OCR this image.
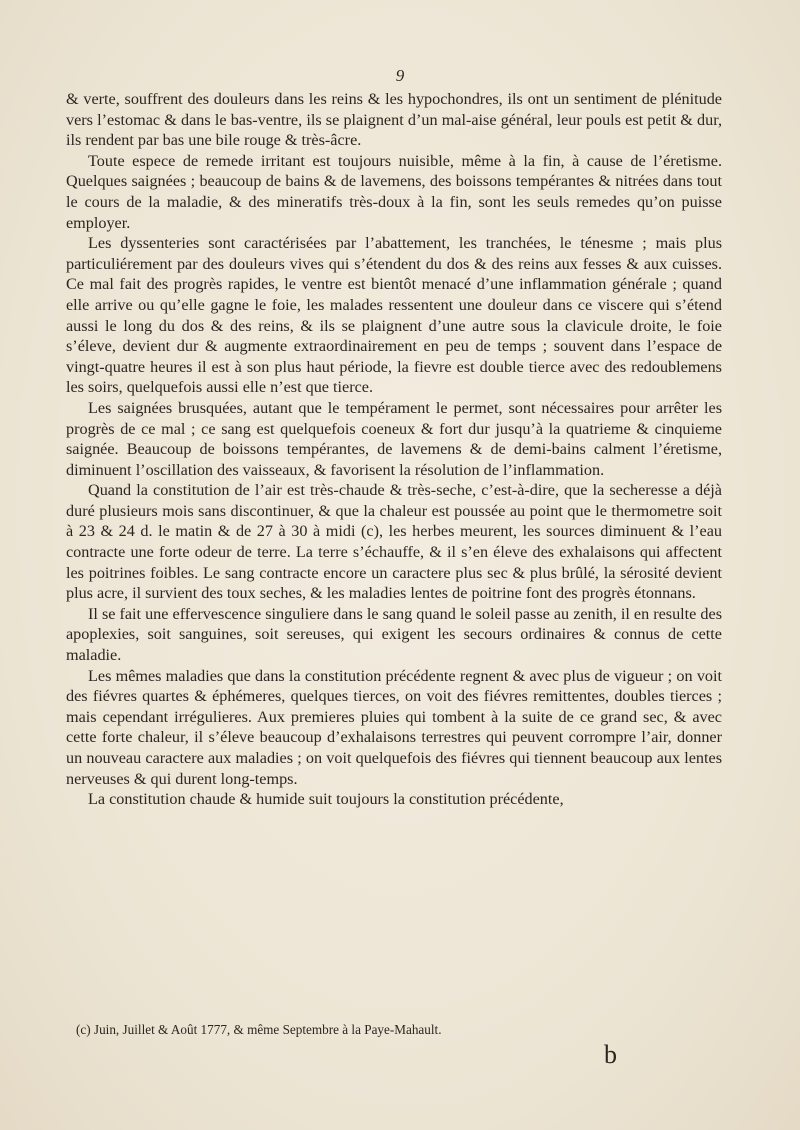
9

& verte, souffrent des douleurs dans les reins & les hypochondres, ils ont un sentiment de plénitude vers l’estomac & dans le bas-ventre, ils se plaignent d’un mal-aise général, leur pouls est petit & dur, ils rendent par bas une bile rouge & très-âcre.

Toute espece de remede irritant est toujours nuisible, même à la fin, à cause de l’éretisme. Quelques saignées ; beaucoup de bains & de lavemens, des boissons tempérantes & nitrées dans tout le cours de la maladie, & des mineratifs très-doux à la fin, sont les seuls remedes qu’on puisse employer.

Les dyssenteries sont caractérisées par l’abattement, les tranchées, le ténesme ; mais plus particuliérement par des douleurs vives qui s’étendent du dos & des reins aux fesses & aux cuisses. Ce mal fait des progrès rapides, le ventre est bientôt menacé d’une inflammation générale ; quand elle arrive ou qu’elle gagne le foie, les malades ressentent une douleur dans ce viscere qui s’étend aussi le long du dos & des reins, & ils se plaignent d’une autre sous la clavicule droite, le foie s’éleve, devient dur & augmente extraordinairement en peu de temps ; souvent dans l’espace de vingt-quatre heures il est à son plus haut période, la fievre est double tierce avec des redoublemens les soirs, quelquefois aussi elle n’est que tierce.

Les saignées brusquées, autant que le tempérament le permet, sont nécessaires pour arrêter les progrès de ce mal ; ce sang est quelquefois coeneux & fort dur jusqu’à la quatrieme & cinquieme saignée. Beaucoup de boissons tempérantes, de lavemens & de demi-bains calment l’éretisme, diminuent l’oscillation des vaisseaux, & favorisent la résolution de l’inflammation.

Quand la constitution de l’air est très-chaude & très-seche, c’est-à-dire, que la secheresse a déjà duré plusieurs mois sans discontinuer, & que la chaleur est poussée au point que le thermometre soit à 23 & 24 d. le matin & de 27 à 30 à midi (c), les herbes meurent, les sources diminuent & l’eau contracte une forte odeur de terre. La terre s’échauffe, & il s’en éleve des exhalaisons qui affectent les poitrines foibles. Le sang contracte encore un caractere plus sec & plus brûlé, la sérosité devient plus acre, il survient des toux seches, & les maladies lentes de poitrine font des progrès étonnans.

Il se fait une effervescence singuliere dans le sang quand le soleil passe au zenith, il en resulte des apoplexies, soit sanguines, soit sereuses, qui exigent les secours ordinaires & connus de cette maladie.

Les mêmes maladies que dans la constitution précédente regnent & avec plus de vigueur ; on voit des fiévres quartes & éphémeres, quelques tierces, on voit des fiévres remittentes, doubles tierces ; mais cependant irrégulieres. Aux premieres pluies qui tombent à la suite de ce grand sec, & avec cette forte chaleur, il s’éleve beaucoup d’exhalaisons terrestres qui peuvent corrompre l’air, donner un nouveau caractere aux maladies ; on voit quelquefois des fiévres qui tiennent beaucoup aux lentes nerveuses & qui durent long-temps.

La constitution chaude & humide suit toujours la constitution précédente,

(c) Juin, Juillet & Août 1777, & même Septembre à la Paye-Mahault.
b
